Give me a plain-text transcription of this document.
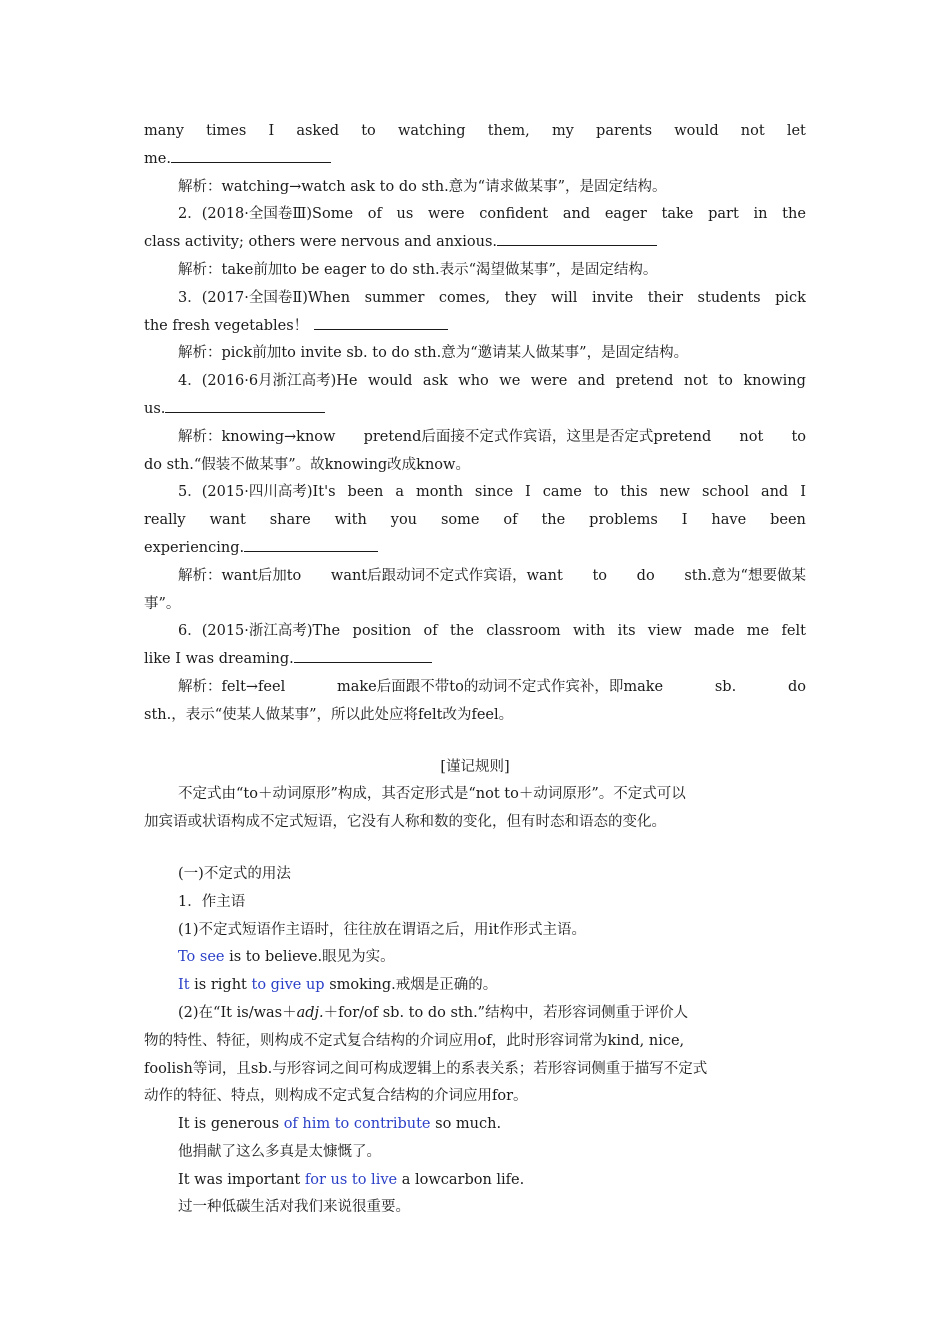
many times I asked to watching them, my parents would not let
me.
解析：watching→watch ask to do sth.意为“请求做某事”，是固定结构。
2．(2018·全国卷Ⅲ)Some of us were confident and eager take part in the
class activity; others were nervous and anxious.
解析：take前加to be eager to do sth.表示“渴望做某事”，是固定结构。
3．(2017·全国卷Ⅱ)When summer comes, they will invite their students pick
the fresh vegetables！
解析：pick前加to invite sb. to do sth.意为“邀请某人做某事”，是固定结构。
4．(2016·6月浙江高考)He would ask who we were and pretend not to knowing
us.
解析：knowing→know pretend后面接不定式作宾语，这里是否定式pretend not to
do sth.“假装不做某事”。故knowing改成know。
5．(2015·四川高考)It's been a month since I came to this new school and I
really want share with you some of the problems I have been
experiencing.
解析：want后加to want后跟动词不定式作宾语，want to do sth.意为“想要做某
事”。
6．(2015·浙江高考)The position of the classroom with its view made me felt
like I was dreaming.
解析：felt→feel	make后面跟不带to的动词不定式作宾补，即make	sb.	do
sth.，表示“使某人做某事”，所以此处应将felt改为feel。
[谨记规则]
不定式由“to＋动词原形”构成，其否定形式是“not to＋动词原形”。不定式可以
加宾语或状语构成不定式短语，它没有人称和数的变化，但有时态和语态的变化。
(一)不定式的用法
1．作主语
(1)不定式短语作主语时，往往放在谓语之后，用it作形式主语。
To see is to believe.眼见为实。
It is right to give up smoking.戒烟是正确的。
(2)在“It is/was＋adj.＋for/of sb. to do sth.”结构中，若形容词侧重于评价人
物的特性、特征，则构成不定式复合结构的介词应用of，此时形容词常为kind, nice,
foolish等词，且sb.与形容词之间可构成逻辑上的系表关系；若形容词侧重于描写不定式
动作的特征、特点，则构成不定式复合结构的介词应用for。
It is generous of him to contribute so much.
他捐献了这么多真是太慷慨了。
It was important for us to live a lowcarbon life.
过一种低碳生活对我们来说很重要。
